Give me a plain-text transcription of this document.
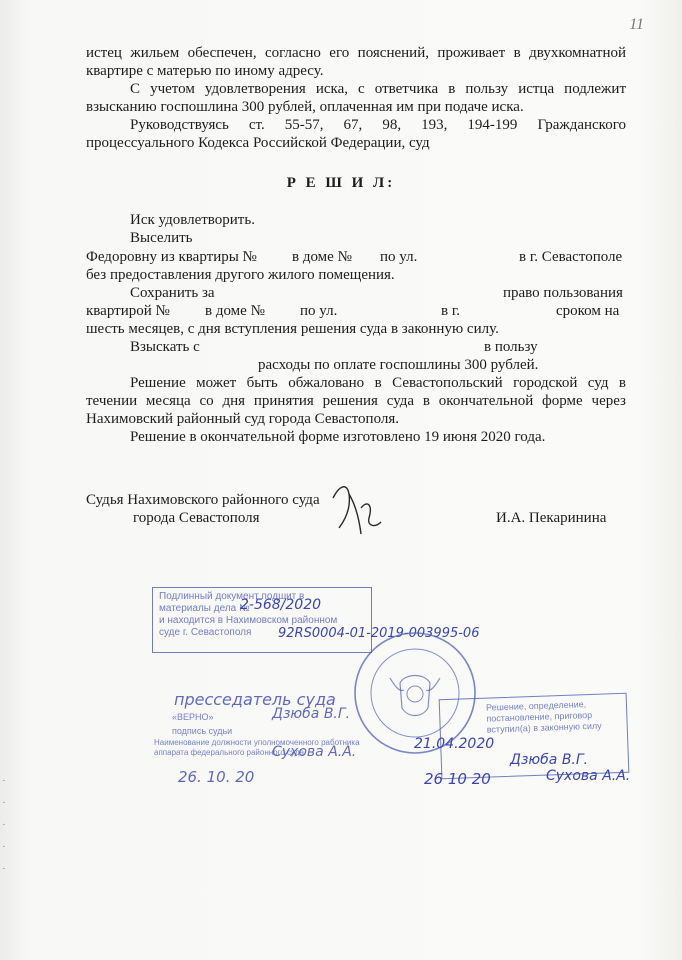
11

истец жильем обеспечен, согласно его пояснений, проживает в двухкомнатной

квартире с матерью по иному адресу.

С учетом удовлетворения иска, с ответчика в пользу истца подлежит

взысканию госпошлина 300 рублей, оплаченная им при подаче иска.

Руководствуясь ст. 55-57, 67, 98, 193, 194-199 Гражданского

процессуального Кодекса Российской Федерации, суд

Р Е Ш И Л:
Иск удовлетворить.
Выселить
Федоровну из квартиры № в доме № по ул.	в г. Севастополе
без предоставления другого жилого помещения.
Сохранить за	право пользования
квартирой № в доме № по ул.	в г.	сроком на
шесть месяцев, с дня вступления решения суда в законную силу.
Взыскать с	в пользу
расходы по оплате госпошлины 300 рублей.

Решение может быть обжаловано в Севастопольский городской суд в

течении месяца со дня принятия решения суда в окончательной форме через

Нахимовский районный суд города Севастополя.

Решение в окончательной форме изготовлено 19 июня 2020 года.

Судья Нахимовского районного суда
города Севастополя	И.А. Пекаринина
Подлинный документ подшит в
материалы дела №
и находится в Нахимовском районном
суде г. Севастополя
2-568/2020
92RS0004-01-2019-003995-06
пресседатель суда
«ВЕРНО»	Дзюба В.Г.
подпись судьи
Наименование должности уполномоченного работника
аппарата федерального районного суда
Сухова А.А.
26. 10. 20
Решение, определение,
постановление, приговор
вступил(а) в законную силу
21.04.2020
Дзюба В.Г.
Сухова А.А.
26 10 20
·
·
·
·
·
